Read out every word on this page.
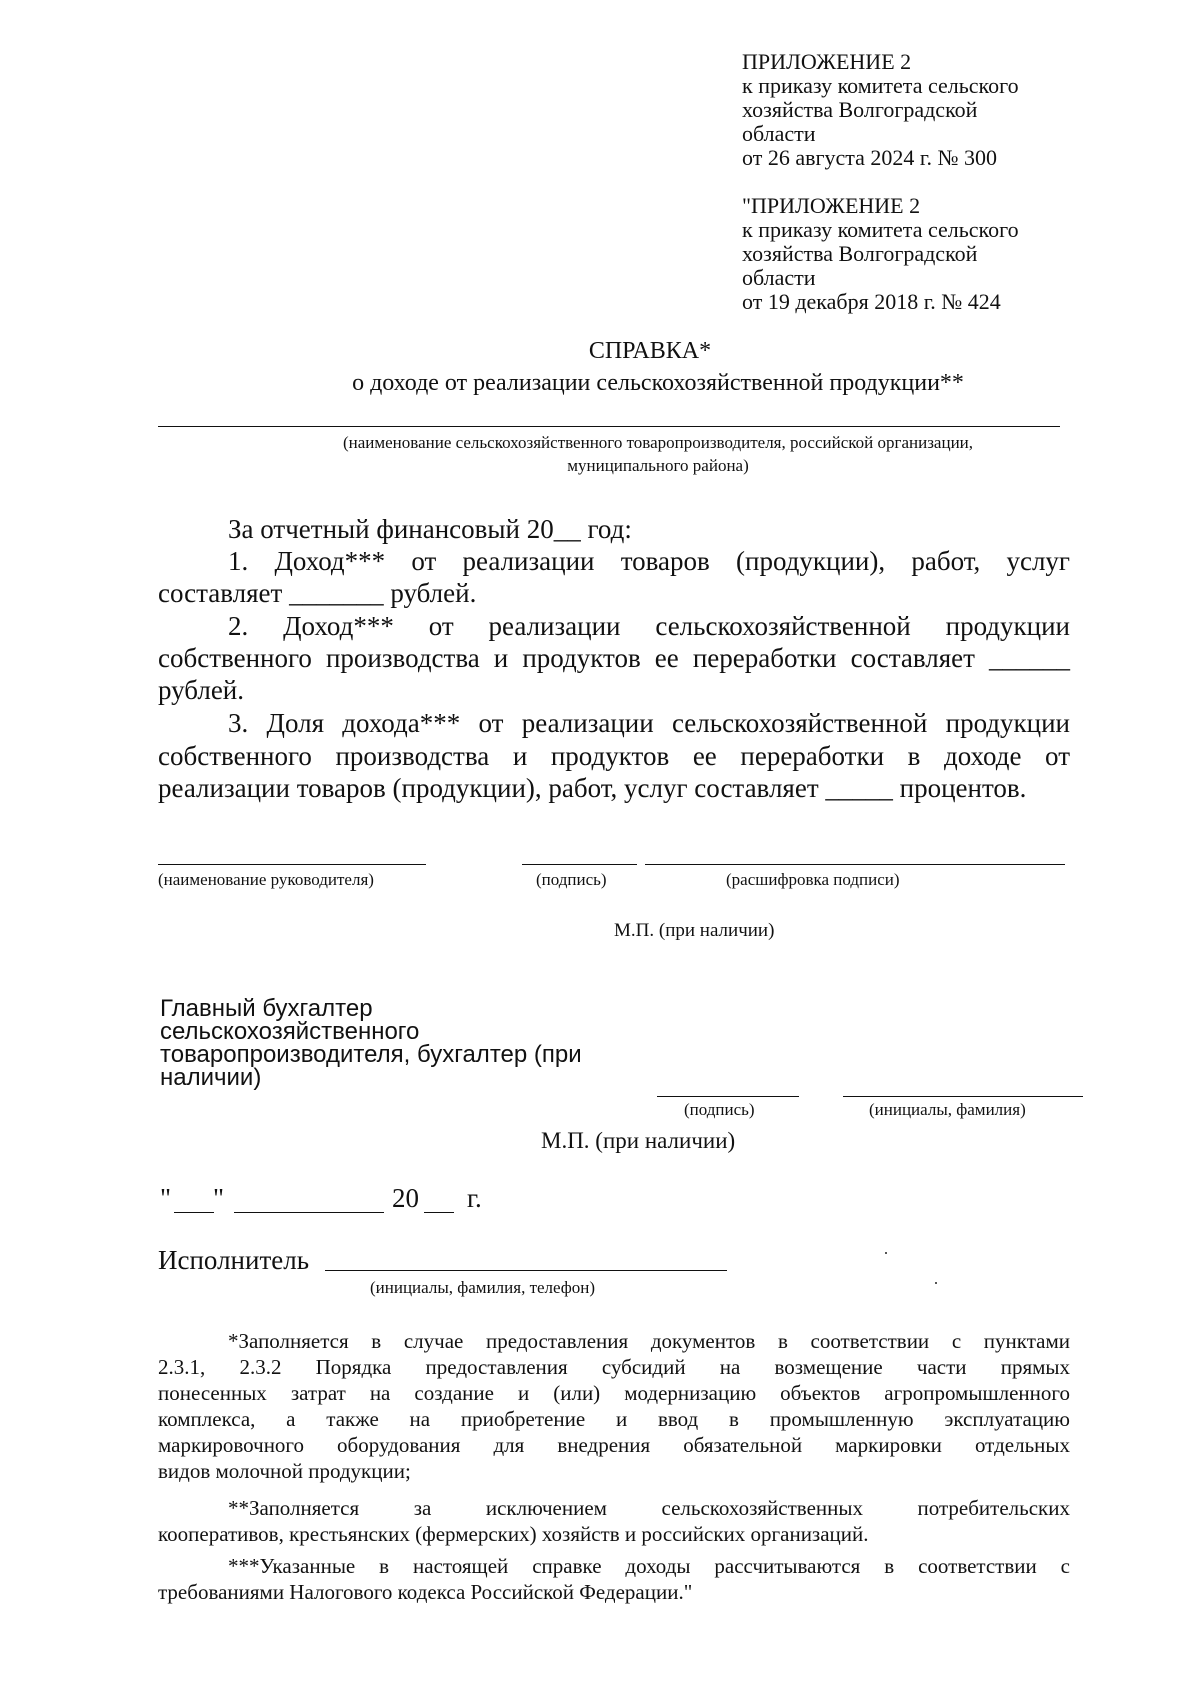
ПРИЛОЖЕНИЕ 2
к приказу комитета сельского
хозяйства Волгоградской
области
от 26 августа 2024 г. № 300
"ПРИЛОЖЕНИЕ 2
к приказу комитета сельского
хозяйства Волгоградской
области
от 19 декабря 2018 г. № 424
СПРАВКА*
о доходе от реализации сельскохозяйственной продукции**
(наименование сельскохозяйственного товаропроизводителя, российской организации,
муниципального района)
За отчетный финансовый 20__ год:
1. Доход*** от реализации товаров (продукции), работ, услуг
составляет _______ рублей.
2. Доход*** от реализации сельскохозяйственной продукции
собственного производства и продуктов ее переработки составляет ______
рублей.
3. Доля дохода*** от реализации сельскохозяйственной продукции
собственного производства и продуктов ее переработки в доходе от
реализации товаров (продукции), работ, услуг составляет _____ процентов.
(наименование руководителя)	(подпись)	(расшифровка подписи)
М.П. (при наличии)
Главный бухгалтер
сельскохозяйственного
товаропроизводителя, бухгалтер (при
наличии)
(подпись)	(инициалы, фамилия)
М.П. (при наличии)
" "	20 г.
Исполнитель
(инициалы, фамилия, телефон)
*Заполняется в случае предоставления документов в соответствии с пунктами
2.3.1, 2.3.2 Порядка предоставления субсидий на возмещение части прямых
понесенных затрат на создание и (или) модернизацию объектов агропромышленного
комплекса, а также на приобретение и ввод в промышленную эксплуатацию
маркировочного оборудования для внедрения обязательной маркировки отдельных
видов молочной продукции;
**Заполняется за исключением сельскохозяйственных потребительских
кооперативов, крестьянских (фермерских) хозяйств и российских организаций.
***Указанные в настоящей справке доходы рассчитываются в соответствии с
требованиями Налогового кодекса Российской Федерации."
